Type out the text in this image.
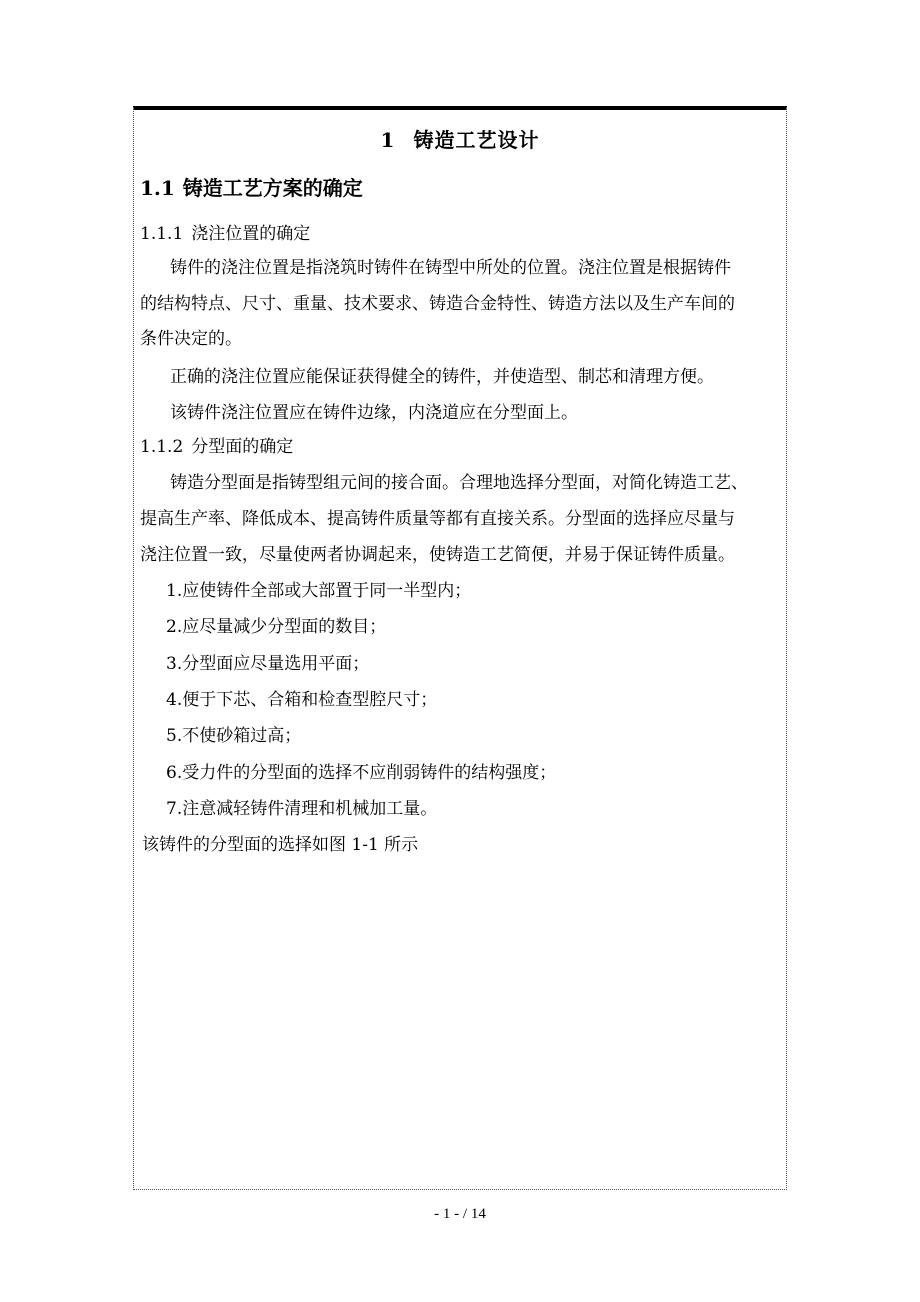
1 铸造工艺设计
1.1 铸造工艺方案的确定
1.1.1 浇注位置的确定
铸件的浇注位置是指浇筑时铸件在铸型中所处的位置。浇注位置是根据铸件
的结构特点、尺寸、重量、技术要求、铸造合金特性、铸造方法以及生产车间的
条件决定的。
正确的浇注位置应能保证获得健全的铸件，并使造型、制芯和清理方便。
该铸件浇注位置应在铸件边缘，内浇道应在分型面上。
1.1.2 分型面的确定
铸造分型面是指铸型组元间的接合面。合理地选择分型面，对简化铸造工艺、
提高生产率、降低成本、提高铸件质量等都有直接关系。分型面的选择应尽量与
浇注位置一致，尽量使两者协调起来，使铸造工艺简便，并易于保证铸件质量。
1.应使铸件全部或大部置于同一半型内；
2.应尽量减少分型面的数目；
3.分型面应尽量选用平面；
4.便于下芯、合箱和检查型腔尺寸；
5.不使砂箱过高；
6.受力件的分型面的选择不应削弱铸件的结构强度；
7.注意减轻铸件清理和机械加工量。
该铸件的分型面的选择如图 1-1 所示
- 1 - / 14
